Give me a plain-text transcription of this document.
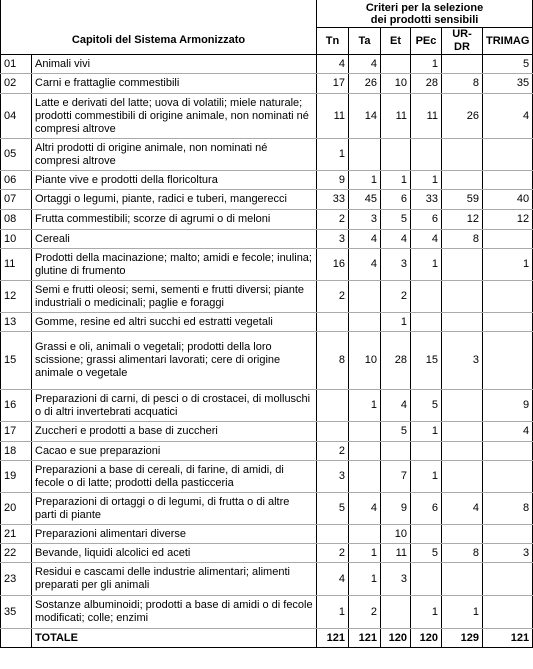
		Criteri per la selezione
dei prodotti sensibili					

Capitoli del Sistema Armonizzato		Tn	Ta	Et	PEc	UR-DR	TRIMAG
01	Animali vivi	4	4		1		5
02	Carni e frattaglie commestibili	17	26	10	28	8	35
04	Latte e derivati del latte; uova di volatili; miele naturale; prodotti commestibili di origine animale, non nominati né compresi altrove	11	14	11	11	26	4
05	Altri prodotti di origine animale, non nominati né compresi altrove	1					
06	Piante vive e prodotti della floricoltura	9	1	1	1		
07	Ortaggi o legumi, piante, radici e tuberi, mangerecci	33	45	6	33	59	40
08	Frutta commestibili; scorze di agrumi o di meloni	2	3	5	6	12	12
10	Cereali	3	4	4	4	8	
11	Prodotti della macinazione; malto; amidi e fecole; inulina; glutine di frumento	16	4	3	1		1
12	Semi e frutti oleosi; semi, sementi e frutti diversi; piante industriali o medicinali; paglie e foraggi	2		2			
13	Gomme, resine ed altri succhi ed estratti vegetali			1			
15	Grassi e oli, animali o vegetali; prodotti della loro scissione; grassi alimentari lavorati; cere di origine animale o vegetale	8	10	28	15	3	
16	Preparazioni di carni, di pesci o di crostacei, di molluschi o di altri invertebrati acquatici		1	4	5		9
17	Zuccheri e prodotti a base di zuccheri			5	1		4
18	Cacao e sue preparazioni	2					
19	Preparazioni a base di cereali, di farine, di amidi, di fecole o di latte; prodotti della pasticceria	3		7	1		
20	Preparazioni di ortaggi o di legumi, di frutta o di altre parti di piante	5	4	9	6	4	8
21	Preparazioni alimentari diverse			10			
22	Bevande, liquidi alcolici ed aceti	2	1	11	5	8	3
23	Residui e cascami delle industrie alimentari; alimenti preparati per gli animali	4	1	3			
35	Sostanze albuminoidi; prodotti a base di amidi o di fecole modificati; colle; enzimi	1	2		1	1	
	TOTALE	121	121	120	120	129	121
